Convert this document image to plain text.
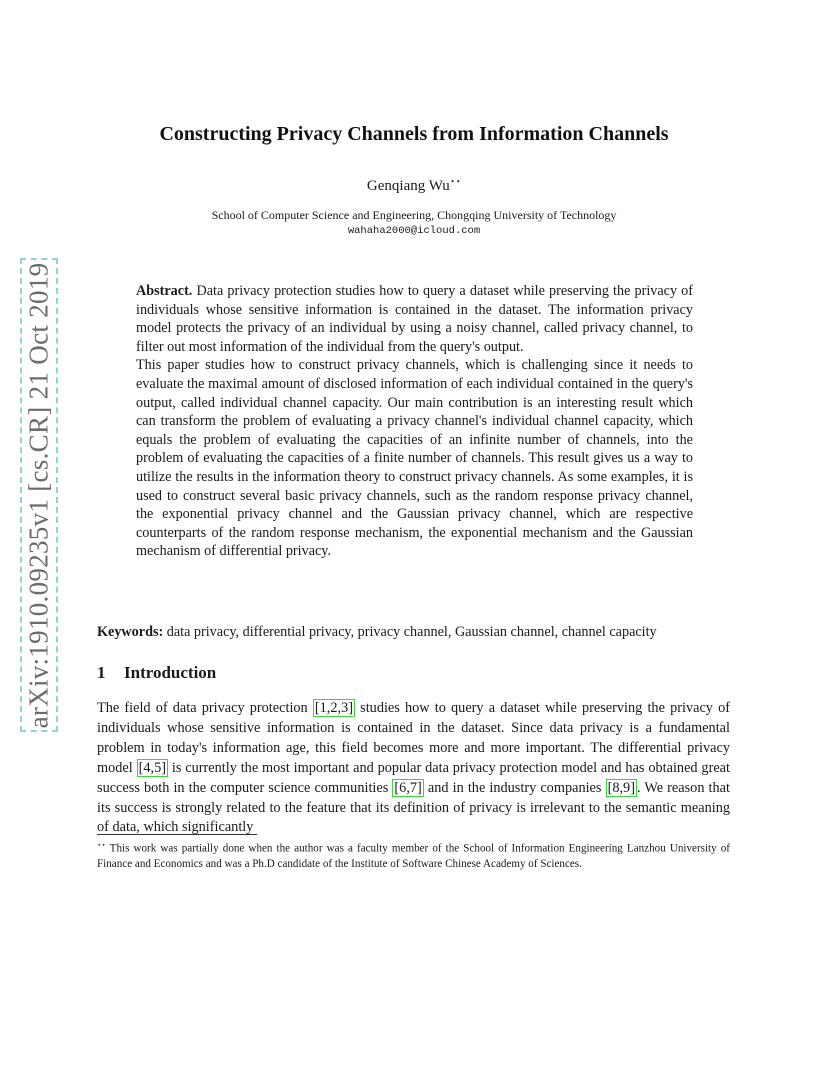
arXiv:1910.09235v1 [cs.CR] 21 Oct 2019
Constructing Privacy Channels from Information Channels
Genqiang Wu⋆⋆
School of Computer Science and Engineering, Chongqing University of Technology
wahaha2000@icloud.com

Abstract. Data privacy protection studies how to query a dataset while preserving the privacy of individuals whose sensitive information is contained in the dataset. The information privacy model protects the privacy of an individual by using a noisy channel, called privacy channel, to filter out most information of the individual from the query's output.

This paper studies how to construct privacy channels, which is challenging since it needs to evaluate the maximal amount of disclosed information of each individual contained in the query's output, called individual channel capacity. Our main contribution is an interesting result which can transform the problem of evaluating a privacy channel's individual channel capacity, which equals the problem of evaluating the capacities of an infinite number of channels, into the problem of evaluating the capacities of a finite number of channels. This result gives us a way to utilize the results in the information theory to construct privacy channels. As some examples, it is used to construct several basic privacy channels, such as the random response privacy channel, the exponential privacy channel and the Gaussian privacy channel, which are respective counterparts of the random response mechanism, the exponential mechanism and the Gaussian mechanism of differential privacy.

Keywords: data privacy, differential privacy, privacy channel, Gaussian channel, channel capacity
1 Introduction

The field of data privacy protection [1,2,3] studies how to query a dataset while preserving the privacy of individuals whose sensitive information is contained in the dataset. Since data privacy is a fundamental problem in today's information age, this field becomes more and more important. The differential privacy model [4,5] is currently the most important and popular data privacy protection model and has obtained great success both in the computer science communities [6,7] and in the industry companies [8,9] . We reason that its success is strongly related to the feature that its definition of privacy is irrelevant to the semantic meaning of data, which significantly

⋆⋆ This work was partially done when the author was a faculty member of the School of Information Engineering Lanzhou University of Finance and Economics and was a Ph.D candidate of the Institute of Software Chinese Academy of Sciences.
